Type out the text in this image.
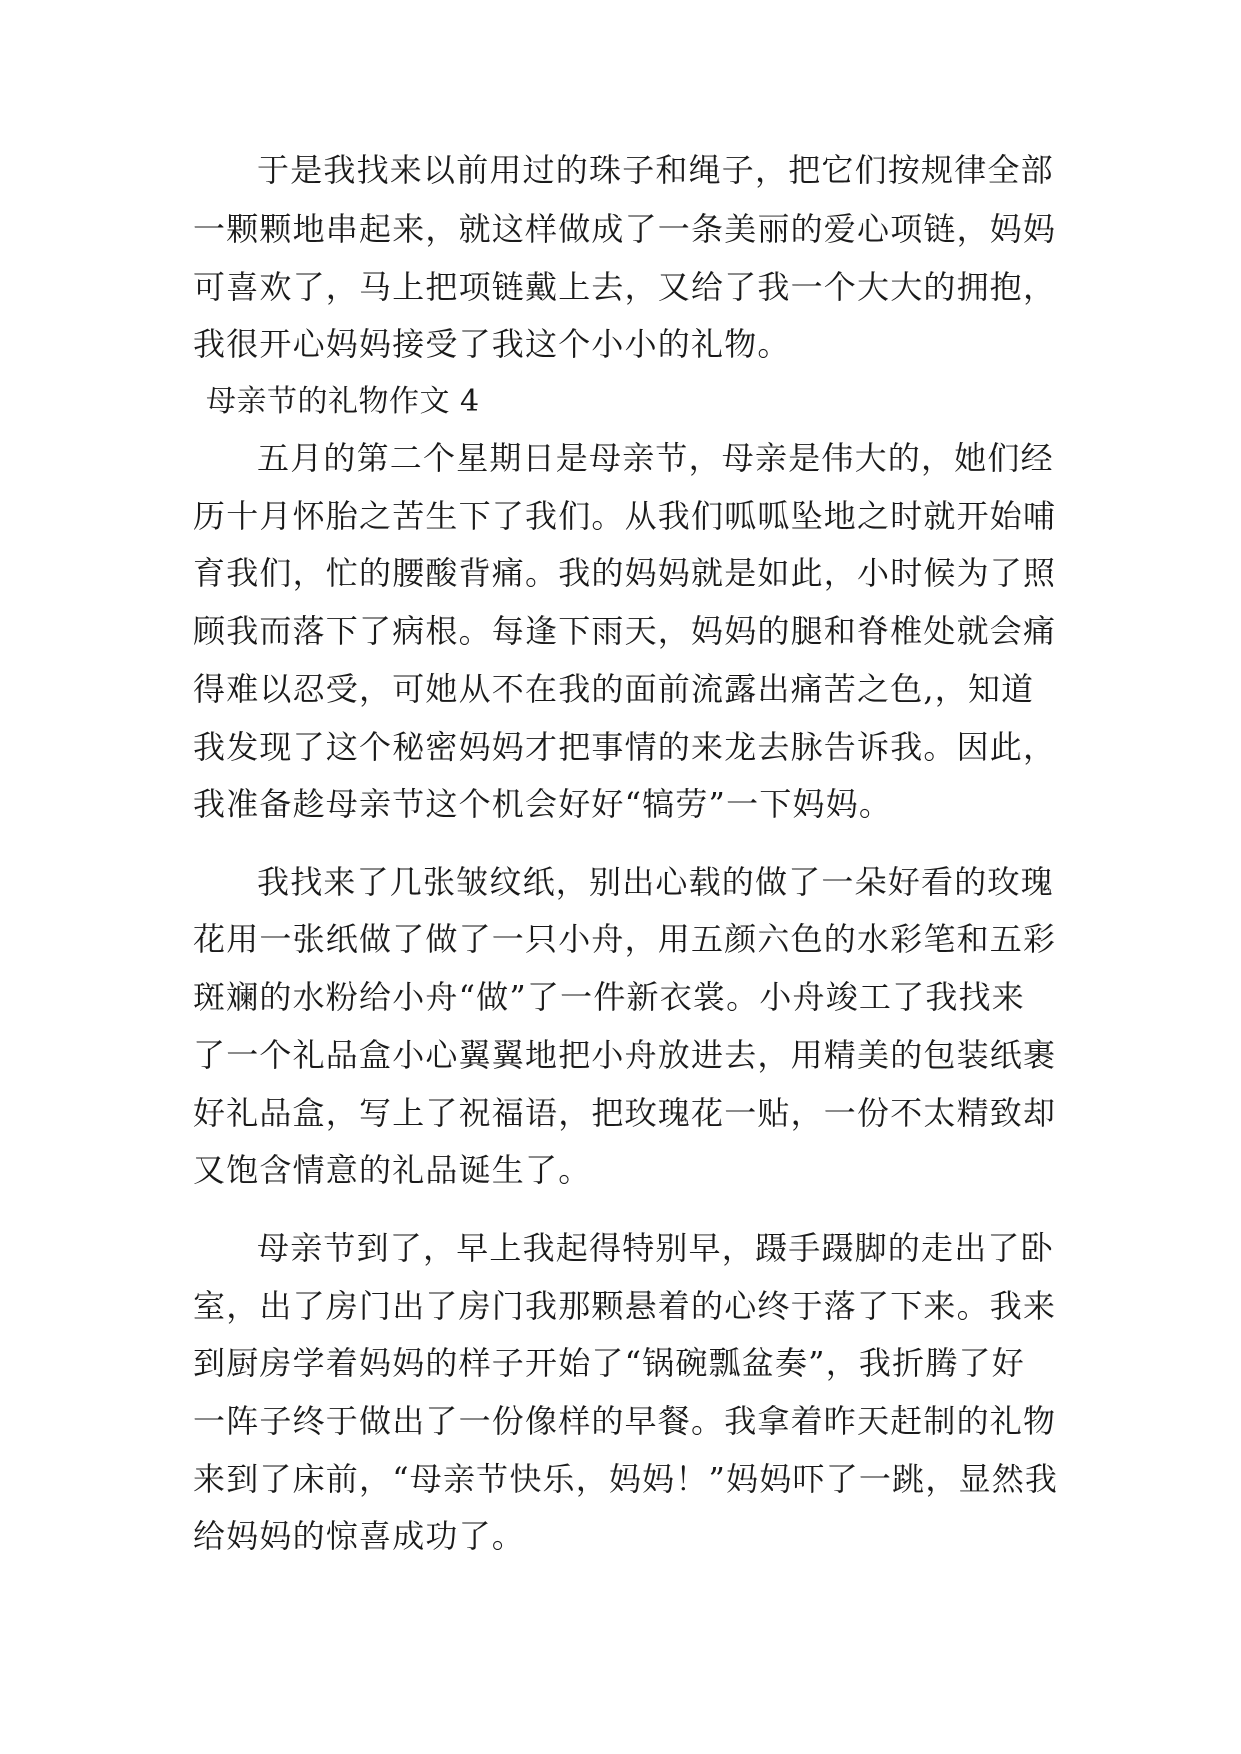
于是我找来以前用过的珠子和绳子，把它们按规律全部
一颗颗地串起来，就这样做成了一条美丽的爱心项链，妈妈
可喜欢了，马上把项链戴上去，又给了我一个大大的拥抱，
我很开心妈妈接受了我这个小小的礼物。
母亲节的礼物作文 4
五月的第二个星期日是母亲节，母亲是伟大的，她们经
历十月怀胎之苦生下了我们。从我们呱呱坠地之时就开始哺
育我们，忙的腰酸背痛。我的妈妈就是如此，小时候为了照
顾我而落下了病根。每逢下雨天，妈妈的腿和脊椎处就会痛
得难以忍受，可她从不在我的面前流露出痛苦之色,，知道
我发现了这个秘密妈妈才把事情的来龙去脉告诉我。因此，
我准备趁母亲节这个机会好好“犒劳”一下妈妈。
我找来了几张皱纹纸，别出心载的做了一朵好看的玫瑰
花用一张纸做了做了一只小舟，用五颜六色的水彩笔和五彩
斑斓的水粉给小舟“做”了一件新衣裳。小舟竣工了我找来
了一个礼品盒小心翼翼地把小舟放进去，用精美的包装纸裹
好礼品盒，写上了祝福语，把玫瑰花一贴，一份不太精致却
又饱含情意的礼品诞生了。
母亲节到了，早上我起得特别早，蹑手蹑脚的走出了卧
室，出了房门出了房门我那颗悬着的心终于落了下来。我来
到厨房学着妈妈的样子开始了“锅碗瓢盆奏”，我折腾了好
一阵子终于做出了一份像样的早餐。我拿着昨天赶制的礼物
来到了床前，“母亲节快乐，妈妈！”妈妈吓了一跳，显然我
给妈妈的惊喜成功了。
